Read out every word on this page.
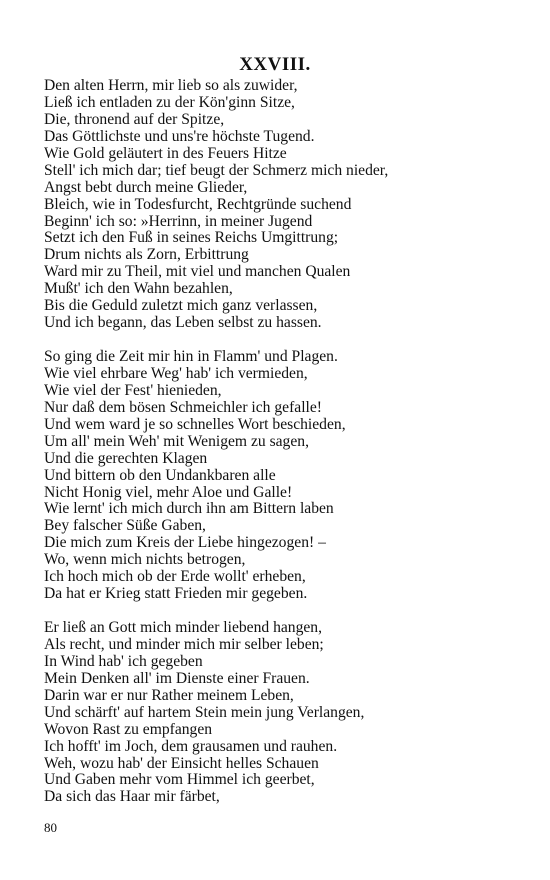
XXVIII.
Den alten Herrn, mir lieb so als zuwider,
Ließ ich entladen zu der Kön'ginn Sitze,
Die, thronend auf der Spitze,
Das Göttlichste und uns're höchste Tugend.
Wie Gold geläutert in des Feuers Hitze
Stell' ich mich dar; tief beugt der Schmerz mich nieder,
Angst bebt durch meine Glieder,
Bleich, wie in Todesfurcht, Rechtgründe suchend
Beginn' ich so: »Herrinn, in meiner Jugend
Setzt ich den Fuß in seines Reichs Umgittrung;
Drum nichts als Zorn, Erbittrung
Ward mir zu Theil, mit viel und manchen Qualen
Mußt' ich den Wahn bezahlen,
Bis die Geduld zuletzt mich ganz verlassen,
Und ich begann, das Leben selbst zu hassen.
So ging die Zeit mir hin in Flamm' und Plagen.
Wie viel ehrbare Weg' hab' ich vermieden,
Wie viel der Fest' hienieden,
Nur daß dem bösen Schmeichler ich gefalle!
Und wem ward je so schnelles Wort beschieden,
Um all' mein Weh' mit Wenigem zu sagen,
Und die gerechten Klagen
Und bittern ob den Undankbaren alle
Nicht Honig viel, mehr Aloe und Galle!
Wie lernt' ich mich durch ihn am Bittern laben
Bey falscher Süße Gaben,
Die mich zum Kreis der Liebe hingezogen! –
Wo, wenn mich nichts betrogen,
Ich hoch mich ob der Erde wollt' erheben,
Da hat er Krieg statt Frieden mir gegeben.
Er ließ an Gott mich minder liebend hangen,
Als recht, und minder mich mir selber leben;
In Wind hab' ich gegeben
Mein Denken all' im Dienste einer Frauen.
Darin war er nur Rather meinem Leben,
Und schärft' auf hartem Stein mein jung Verlangen,
Wovon Rast zu empfangen
Ich hofft' im Joch, dem grausamen und rauhen.
Weh, wozu hab' der Einsicht helles Schauen
Und Gaben mehr vom Himmel ich geerbet,
Da sich das Haar mir färbet,
80
